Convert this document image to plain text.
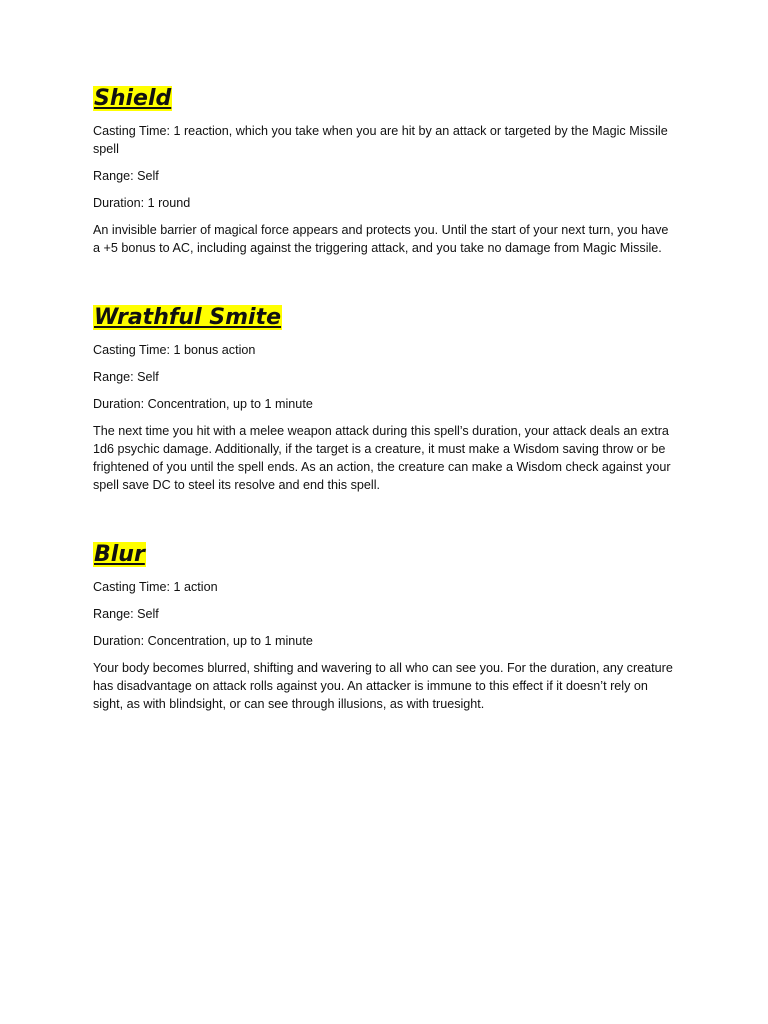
Shield

Casting Time: 1 reaction, which you take when you are hit by an attack or targeted by the Magic Missile spell

Range: Self

Duration: 1 round

An invisible barrier of magical force appears and protects you. Until the start of your next turn, you have a +5 bonus to AC, including against the triggering attack, and you take no damage from Magic Missile.

Wrathful Smite

Casting Time: 1 bonus action

Range: Self

Duration: Concentration, up to 1 minute

The next time you hit with a melee weapon attack during this spell’s duration, your attack deals an extra 1d6 psychic damage. Additionally, if the target is a creature, it must make a Wisdom saving throw or be frightened of you until the spell ends. As an action, the creature can make a Wisdom check against your spell save DC to steel its resolve and end this spell.

Blur

Casting Time: 1 action

Range: Self

Duration: Concentration, up to 1 minute

Your body becomes blurred, shifting and wavering to all who can see you. For the duration, any creature has disadvantage on attack rolls against you. An attacker is immune to this effect if it doesn’t rely on sight, as with blindsight, or can see through illusions, as with truesight.
